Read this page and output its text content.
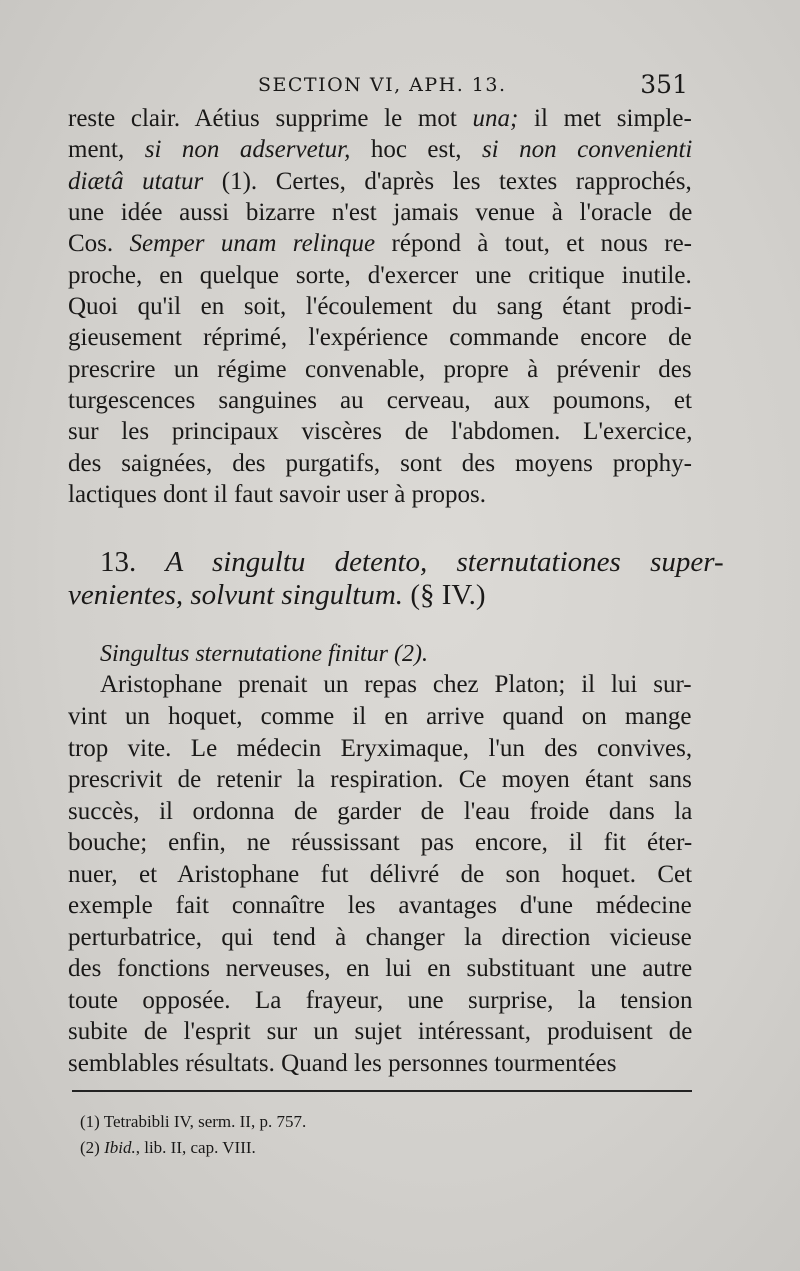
SECTION VI, APH. 13.	351
reste clair. Aétius supprime le mot una; il met simple-
ment, si non adservetur, hoc est, si non convenienti
diætâ utatur (1). Certes, d'après les textes rapprochés,
une idée aussi bizarre n'est jamais venue à l'oracle de
Cos. Semper unam relinque répond à tout, et nous re-
proche, en quelque sorte, d'exercer une critique inutile.
Quoi qu'il en soit, l'écoulement du sang étant prodi-
gieusement réprimé, l'expérience commande encore de
prescrire un régime convenable, propre à prévenir des
turgescences sanguines au cerveau, aux poumons, et
sur les principaux viscères de l'abdomen. L'exercice,
des saignées, des purgatifs, sont des moyens prophy-
lactiques dont il faut savoir user à propos.
13. A singultu detento, sternutationes super-
venientes, solvunt singultum. (§ IV.)
Singultus sternutatione finitur (2).
Aristophane prenait un repas chez Platon; il lui sur-
vint un hoquet, comme il en arrive quand on mange
trop vite. Le médecin Eryximaque, l'un des convives,
prescrivit de retenir la respiration. Ce moyen étant sans
succès, il ordonna de garder de l'eau froide dans la
bouche; enfin, ne réussissant pas encore, il fit éter-
nuer, et Aristophane fut délivré de son hoquet. Cet
exemple fait connaître les avantages d'une médecine
perturbatrice, qui tend à changer la direction vicieuse
des fonctions nerveuses, en lui en substituant une autre
toute opposée. La frayeur, une surprise, la tension
subite de l'esprit sur un sujet intéressant, produisent de
semblables résultats. Quand les personnes tourmentées
(1) Tetrabibli IV, serm. II, p. 757.
(2) Ibid., lib. II, cap. VIII.
